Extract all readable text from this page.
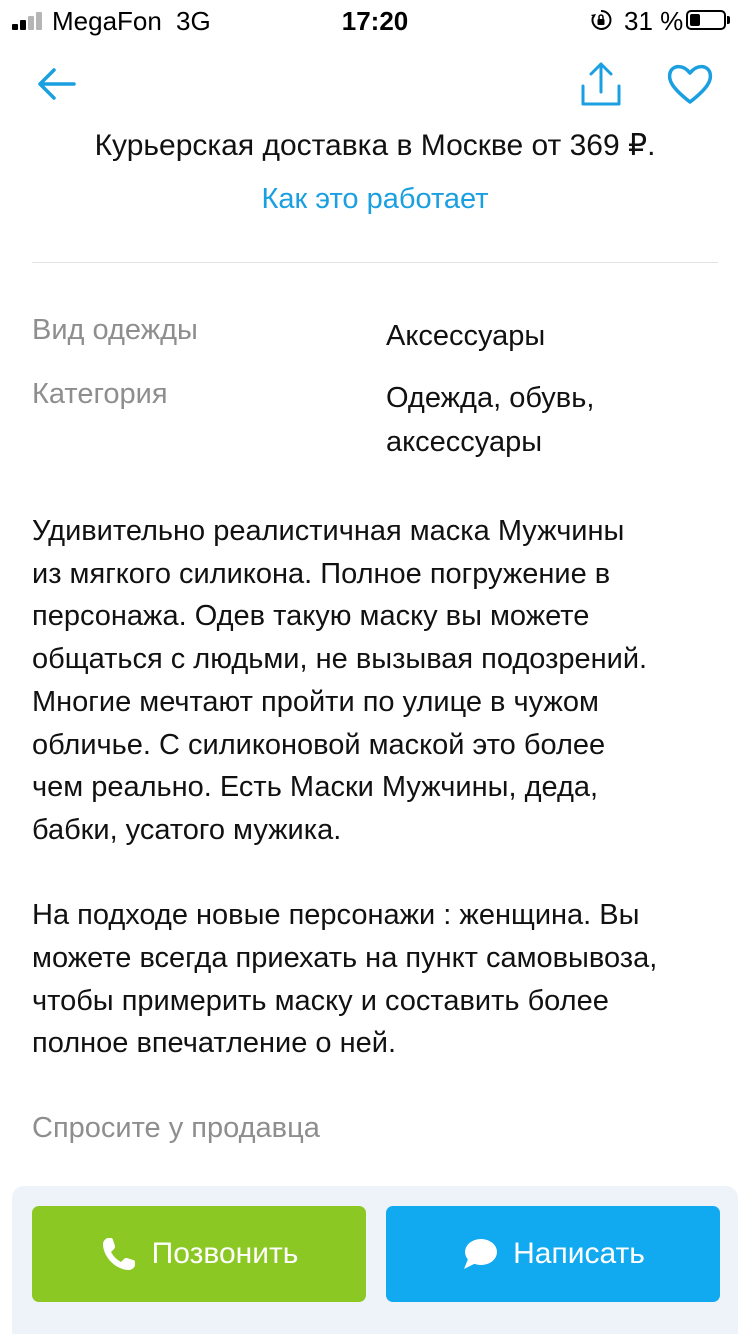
MegaFon 3G	17:20	31 %
Курьерская доставка в Москве от 369 ₽.
Как это работает
Вид одежды	Аксессуары
Категория	Одежда, обувь,
аксессуары

Удивительно реалистичная маска Мужчины
из мягкого силикона. Полное погружение в
персонажа. Одев такую маску вы можете
общаться с людьми, не вызывая подозрений.
Многие мечтают пройти по улице в чужом
обличье. С силиконовой маской это более
чем реально. Есть Маски Мужчины, деда,
бабки, усатого мужика.

На подходе новые персонажи : женщина. Вы
можете всегда приехать на пункт самовывоза,
чтобы примерить маску и составить более
полное впечатление о ней.

Спросите у продавца
Позвонить	Написать
